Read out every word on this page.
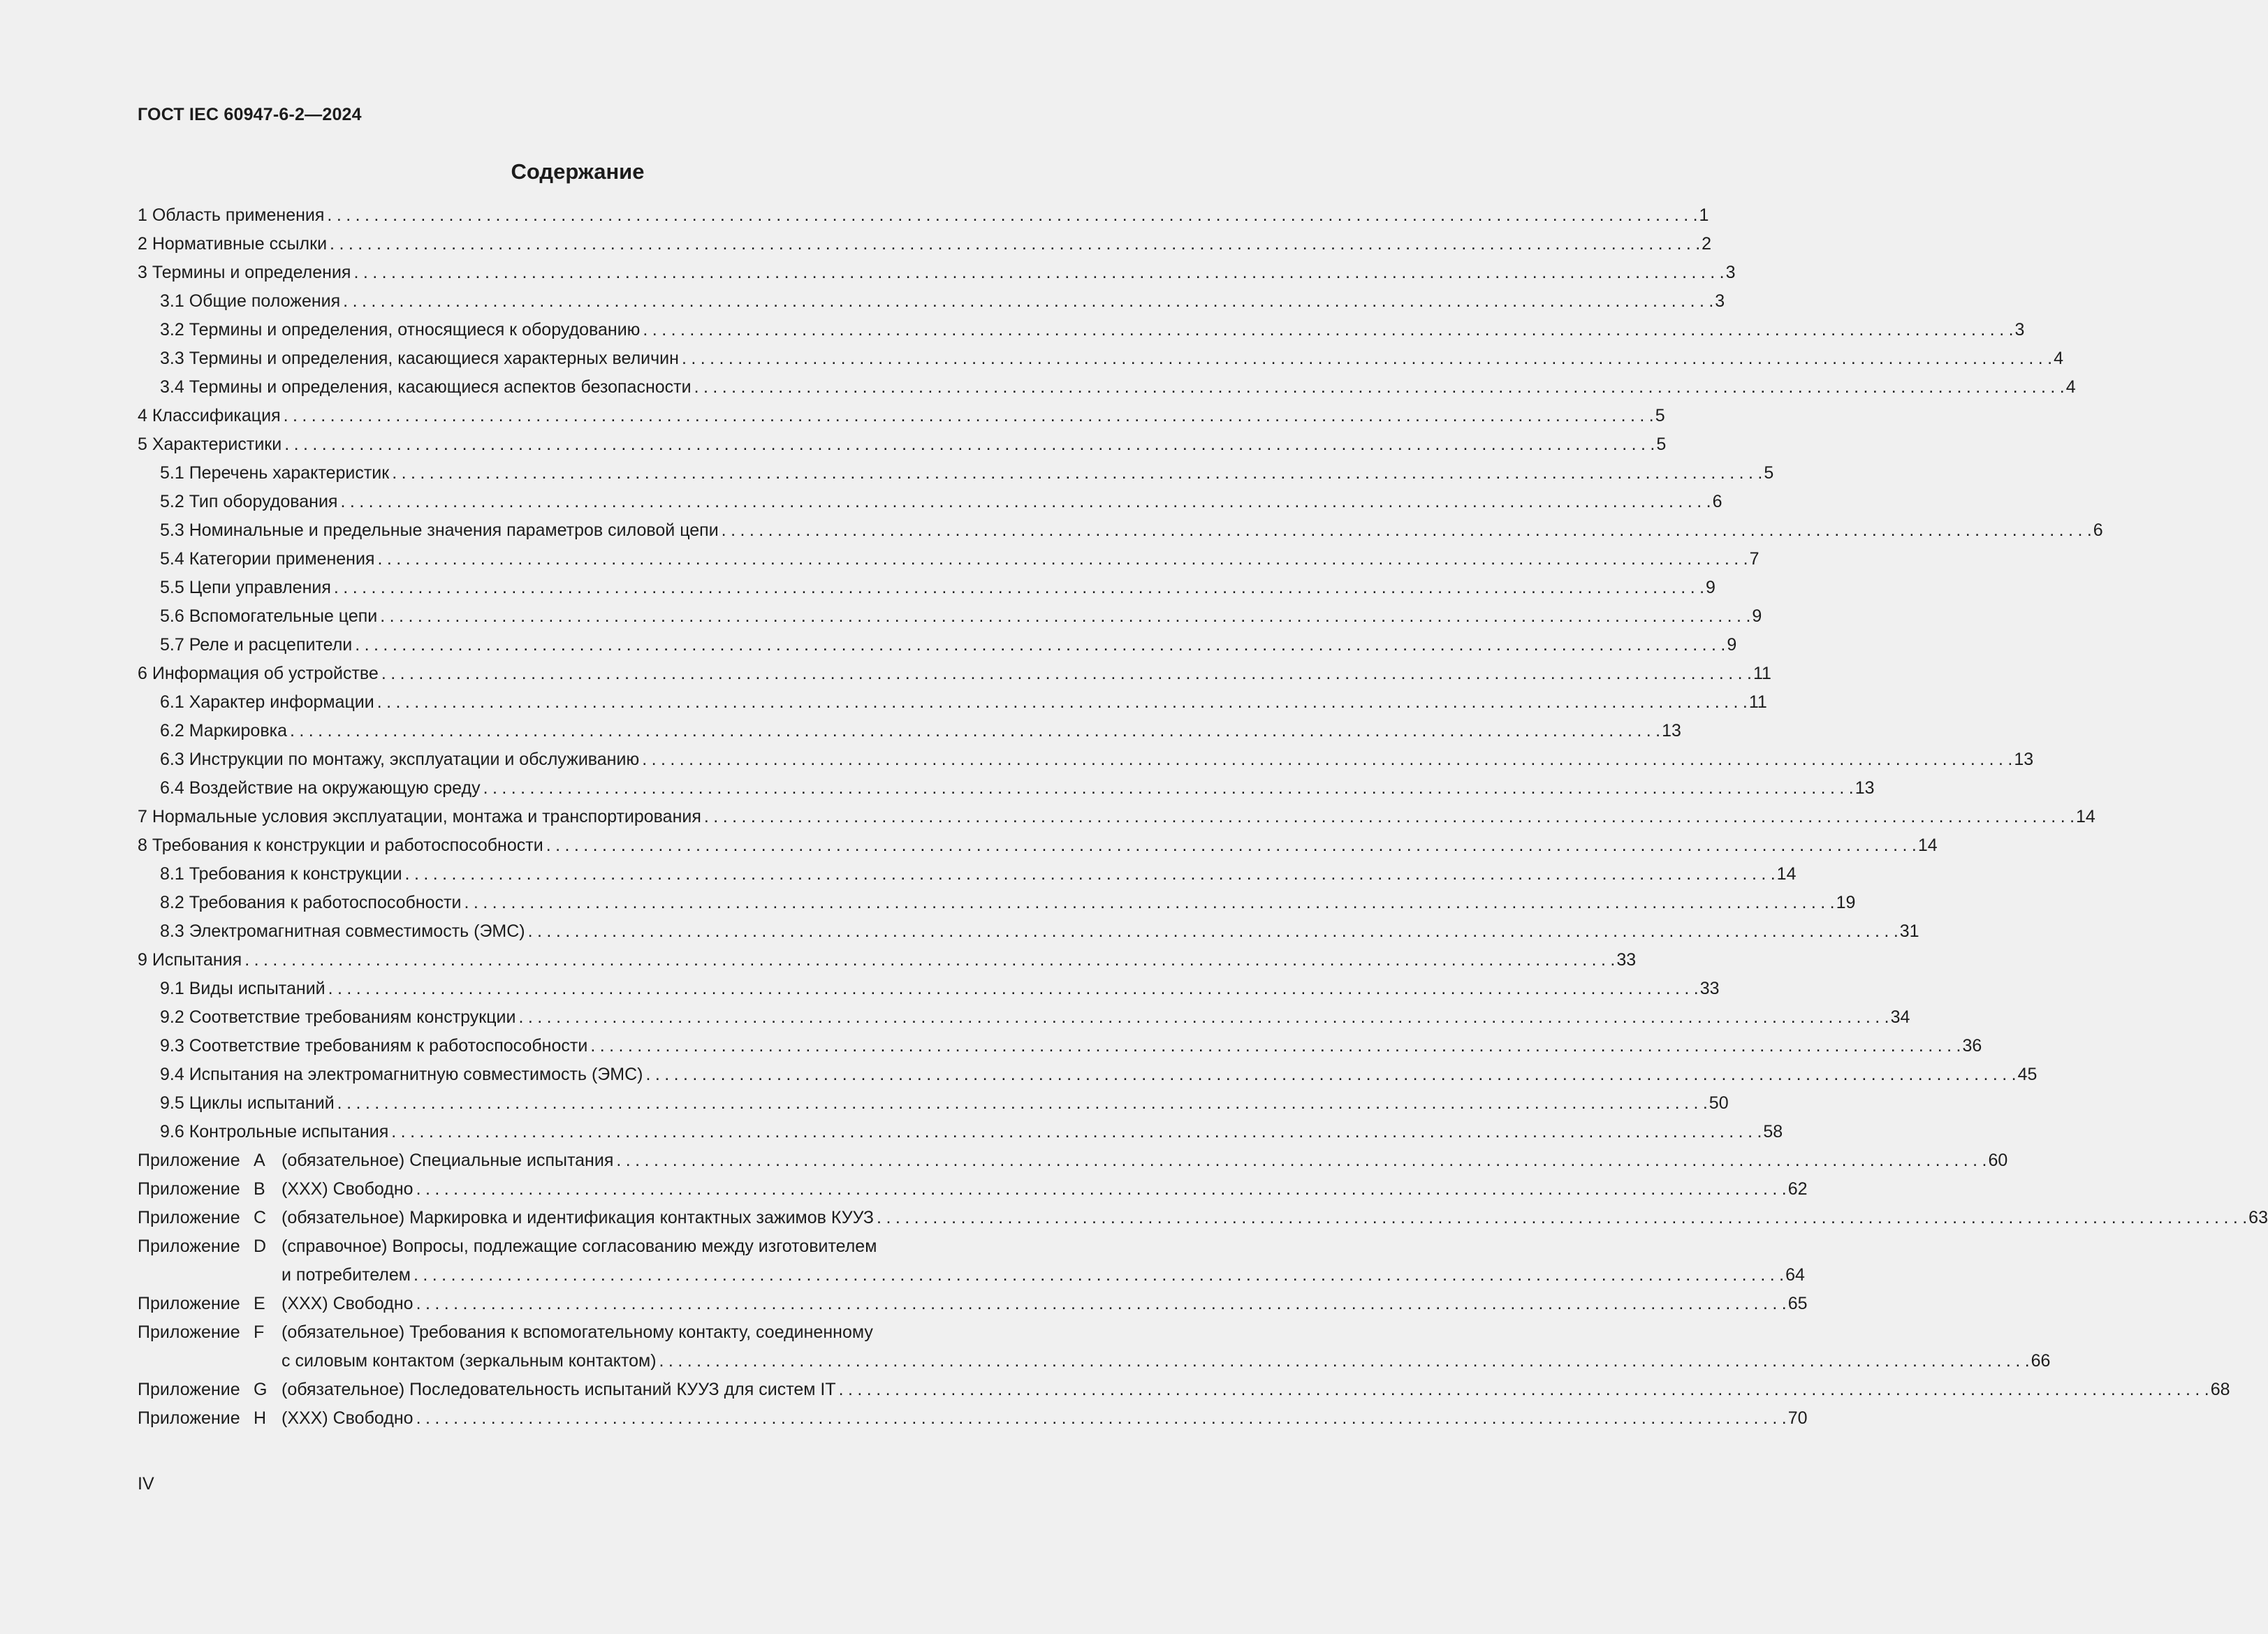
ГОСТ IEC 60947-6-2—2024
Содержание
1 Область применения . . .	1
2 Нормативные ссылки . . .	2
3 Термины и определения . . .	3
3.1 Общие положения . . .	3
3.2 Термины и определения, относящиеся к оборудованию . . .	3
3.3 Термины и определения, касающиеся характерных величин . . .	4
3.4 Термины и определения, касающиеся аспектов безопасности . . .	4
4 Классификация . . .	5
5 Характеристики . . .	5
5.1 Перечень характеристик . . .	5
5.2 Тип оборудования . . .	6
5.3 Номинальные и предельные значения параметров силовой цепи . . .	6
5.4 Категории применения . . .	7
5.5 Цепи управления . . .	9
5.6 Вспомогательные цепи . . .	9
5.7 Реле и расцепители . . .	9
6 Информация об устройстве . . .	11
6.1 Характер информации . . .	11
6.2 Маркировка . . .	13
6.3 Инструкции по монтажу, эксплуатации и обслуживанию . . .	13
6.4 Воздействие на окружающую среду . . .	13
7 Нормальные условия эксплуатации, монтажа и транспортирования . . .	14
8 Требования к конструкции и работоспособности . . .	14
8.1 Требования к конструкции . . .	14
8.2 Требования к работоспособности . . .	19
8.3 Электромагнитная совместимость (ЭМС) . . .	31
9 Испытания . . .	33
9.1 Виды испытаний . . .	33
9.2 Соответствие требованиям конструкции . . .	34
9.3 Соответствие требованиям к работоспособности . . .	36
9.4 Испытания на электромагнитную совместимость (ЭМС) . . .	45
9.5 Циклы испытаний . . .	50
9.6 Контрольные испытания . . .	58
Приложение A (обязательное) Специальные испытания . . .	60
Приложение B (XXX) Свободно . . .	62
Приложение C (обязательное) Маркировка и идентификация контактных зажимов КУУЗ . . .	63
Приложение D (справочное) Вопросы, подлежащие согласованию между изготовителем
и потребителем . . .	64
Приложение E (XXX) Свободно . . .	65
Приложение F (обязательное) Требования к вспомогательному контакту, соединенному
с силовым контактом (зеркальным контактом) . . .	66
Приложение G (обязательное) Последовательность испытаний КУУЗ для систем IT . . .	68
Приложение H (XXX) Свободно . . .	70
IV
